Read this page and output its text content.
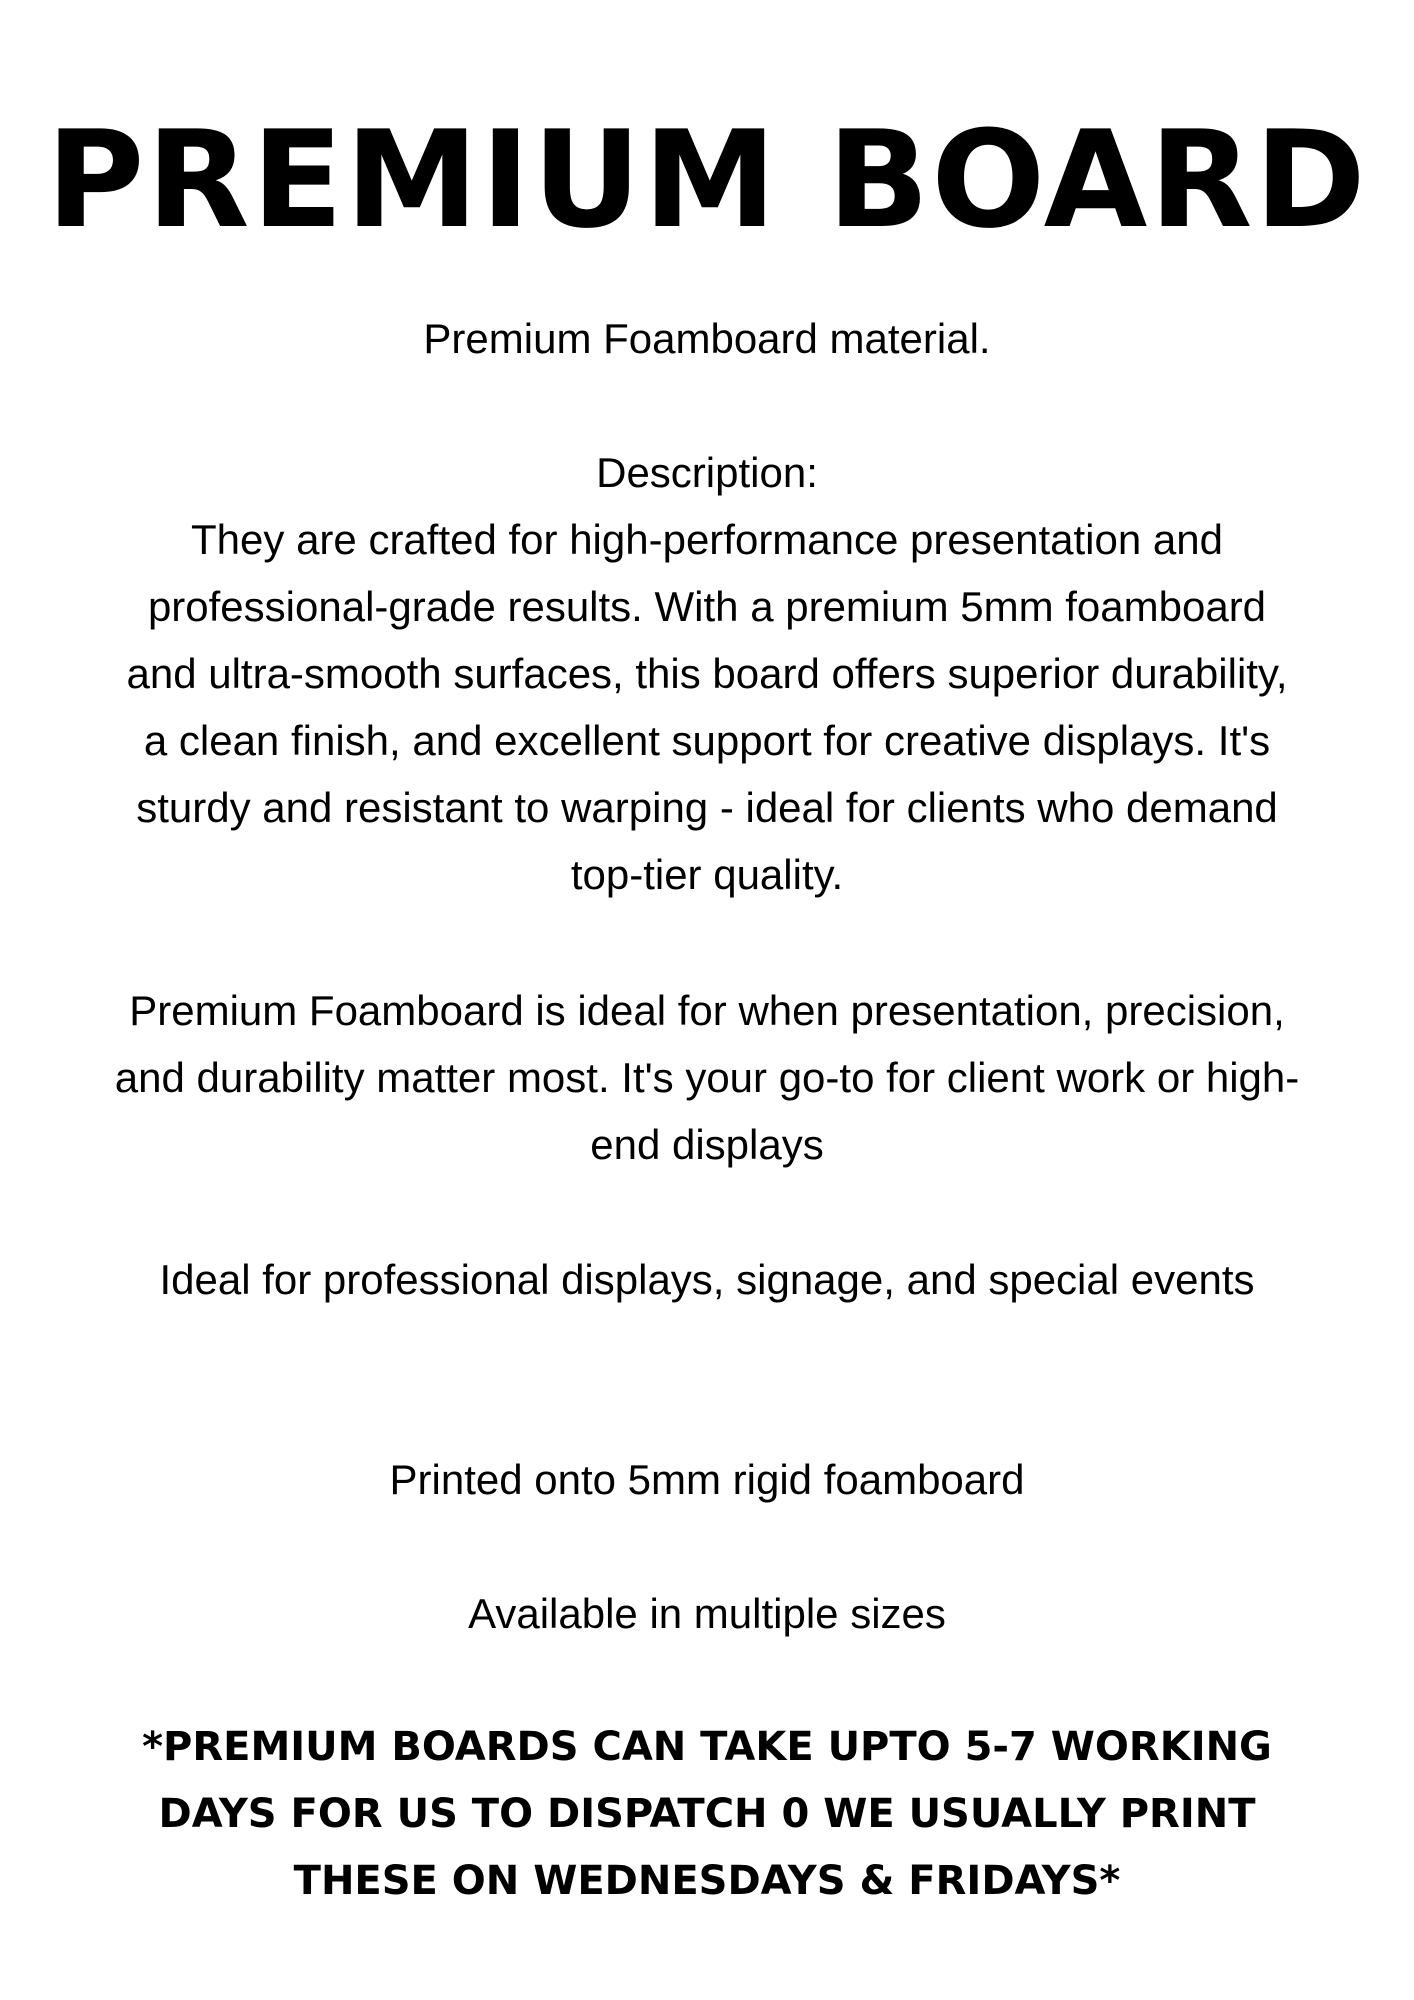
PREMIUM BOARD

Premium Foamboard material.

Description:

They are crafted for high-performance presentation and professional-grade results. With a premium 5mm foamboard and ultra-smooth surfaces, this board offers superior durability, a clean finish, and excellent support for creative displays. It's sturdy and resistant to warping - ideal for clients who demand top-tier quality.

Premium Foamboard is ideal for when presentation, precision, and durability matter most. It's your go-to for client work or high-end displays

Ideal for professional displays, signage, and special events

Printed onto 5mm rigid foamboard

Available in multiple sizes

*PREMIUM BOARDS CAN TAKE UPTO 5-7 WORKING DAYS FOR US TO DISPATCH 0 WE USUALLY PRINT THESE ON WEDNESDAYS & FRIDAYS*
